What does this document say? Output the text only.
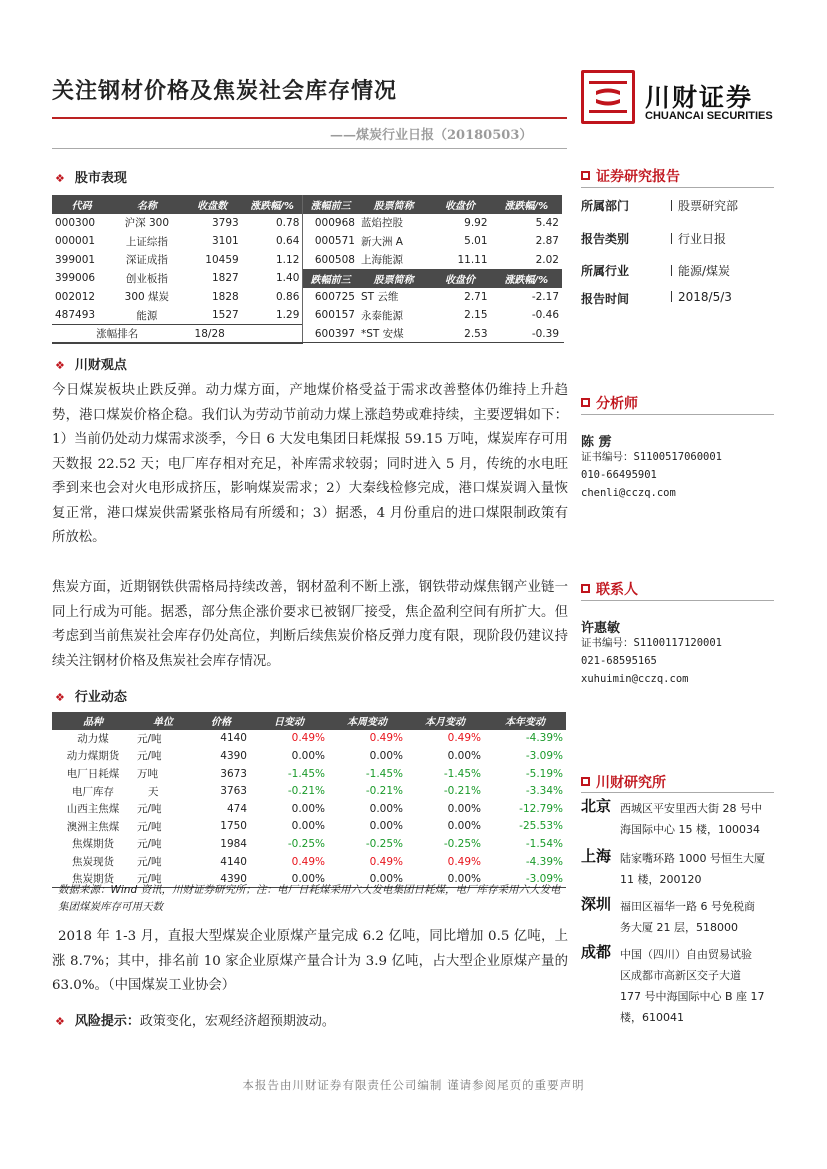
关注钢材价格及焦炭社会库存情况
——煤炭行业日报（20180503）
川财证券
CHUANCAI SECURITIES
❖ 股市表现
代码	名称	收盘数	涨跌幅/%	涨幅前三	股票简称	收盘价	涨跌幅/%
000300	沪深 300	3793	0.78	000968	蓝焰控股	9.92	5.42
000001	上证综指	3101	0.64	000571	新大洲 A	5.01	2.87
399001	深证成指	10459	1.12	600508	上海能源	11.11	2.02
399006	创业板指	1827	1.40	跌幅前三	股票简称	收盘价	涨跌幅/%
002012	300 煤炭	1828	0.86	600725	ST 云维	2.71	-2.17
487493	能源	1527	1.29	600157	永泰能源	2.15	-0.46
涨幅排名		18/28		600397	*ST 安煤	2.53	-0.39
❖ 川财观点
今日煤炭板块止跌反弹。动力煤方面，产地煤价格受益于需求改善整体仍维持上升趋势，港口煤炭价格企稳。我们认为劳动节前动力煤上涨趋势或难持续，主要逻辑如下：1）当前仍处动力煤需求淡季，今日 6 大发电集团日耗煤报 59.15 万吨，煤炭库存可用天数报 22.52 天；电厂库存相对充足，补库需求较弱；同时进入 5 月，传统的水电旺季到来也会对火电形成挤压，影响煤炭需求；2）大秦线检修完成，港口煤炭调入量恢复正常，港口煤炭供需紧张格局有所缓和；3）据悉，4 月份重启的进口煤限制政策有所放松。
焦炭方面，近期钢铁供需格局持续改善，钢材盈利不断上涨，钢铁带动煤焦钢产业链一同上行成为可能。据悉，部分焦企涨价要求已被钢厂接受，焦企盈利空间有所扩大。但考虑到当前焦炭社会库存仍处高位，判断后续焦炭价格反弹力度有限，现阶段仍建议持续关注钢材价格及焦炭社会库存情况。
❖ 行业动态
品种	单位	价格	日变动	本周变动	本月变动	本年变动
动力煤	元/吨	4140	0.49%	0.49%	0.49%	-4.39%
动力煤期货	元/吨	4390	0.00%	0.00%	0.00%	-3.09%
电厂日耗煤	万吨	3673	-1.45%	-1.45%	-1.45%	-5.19%
电厂库存	天	3763	-0.21%	-0.21%	-0.21%	-3.34%
山西主焦煤	元/吨	474	0.00%	0.00%	0.00%	-12.79%
澳洲主焦煤	元/吨	1750	0.00%	0.00%	0.00%	-25.53%
焦煤期货	元/吨	1984	-0.25%	-0.25%	-0.25%	-1.54%
焦炭现货	元/吨	4140	0.49%	0.49%	0.49%	-4.39%
焦炭期货	元/吨	4390	0.00%	0.00%	0.00%	-3.09%
数据来源：Wind 资讯，川财证券研究所；注：电厂日耗煤采用六大发电集团日耗煤，电厂库存采用六大发电集团煤炭库存可用天数
2018 年 1-3 月，直报大型煤炭企业原煤产量完成 6.2 亿吨，同比增加 0.5 亿吨，上涨 8.7%；其中，排名前 10 家企业原煤产量合计为 3.9 亿吨，占大型企业原煤产量的 63.0%。（中国煤炭工业协会）
❖ 风险提示：政策变化，宏观经济超预期波动。
证券研究报告
所属部门	股票研究部
报告类别	行业日报
所属行业	能源/煤炭
报告时间	2018/5/3
分析师
陈 雳
证书编号：S1100517060001
010-66495901
chenli@cczq.com
联系人
许惠敏
证书编号：S1100117120001
021-68595165
xuhuimin@cczq.com
川财研究所
北京 西城区平安里西大街 28 号中
海国际中心 15 楼，100034
上海 陆家嘴环路 1000 号恒生大厦
11 楼，200120
深圳 福田区福华一路 6 号免税商
务大厦 21 层，518000
成都 中国（四川）自由贸易试验
区成都市高新区交子大道
177 号中海国际中心 B 座 17
楼，610041
本报告由川财证券有限责任公司编制 谨请参阅尾页的重要声明
